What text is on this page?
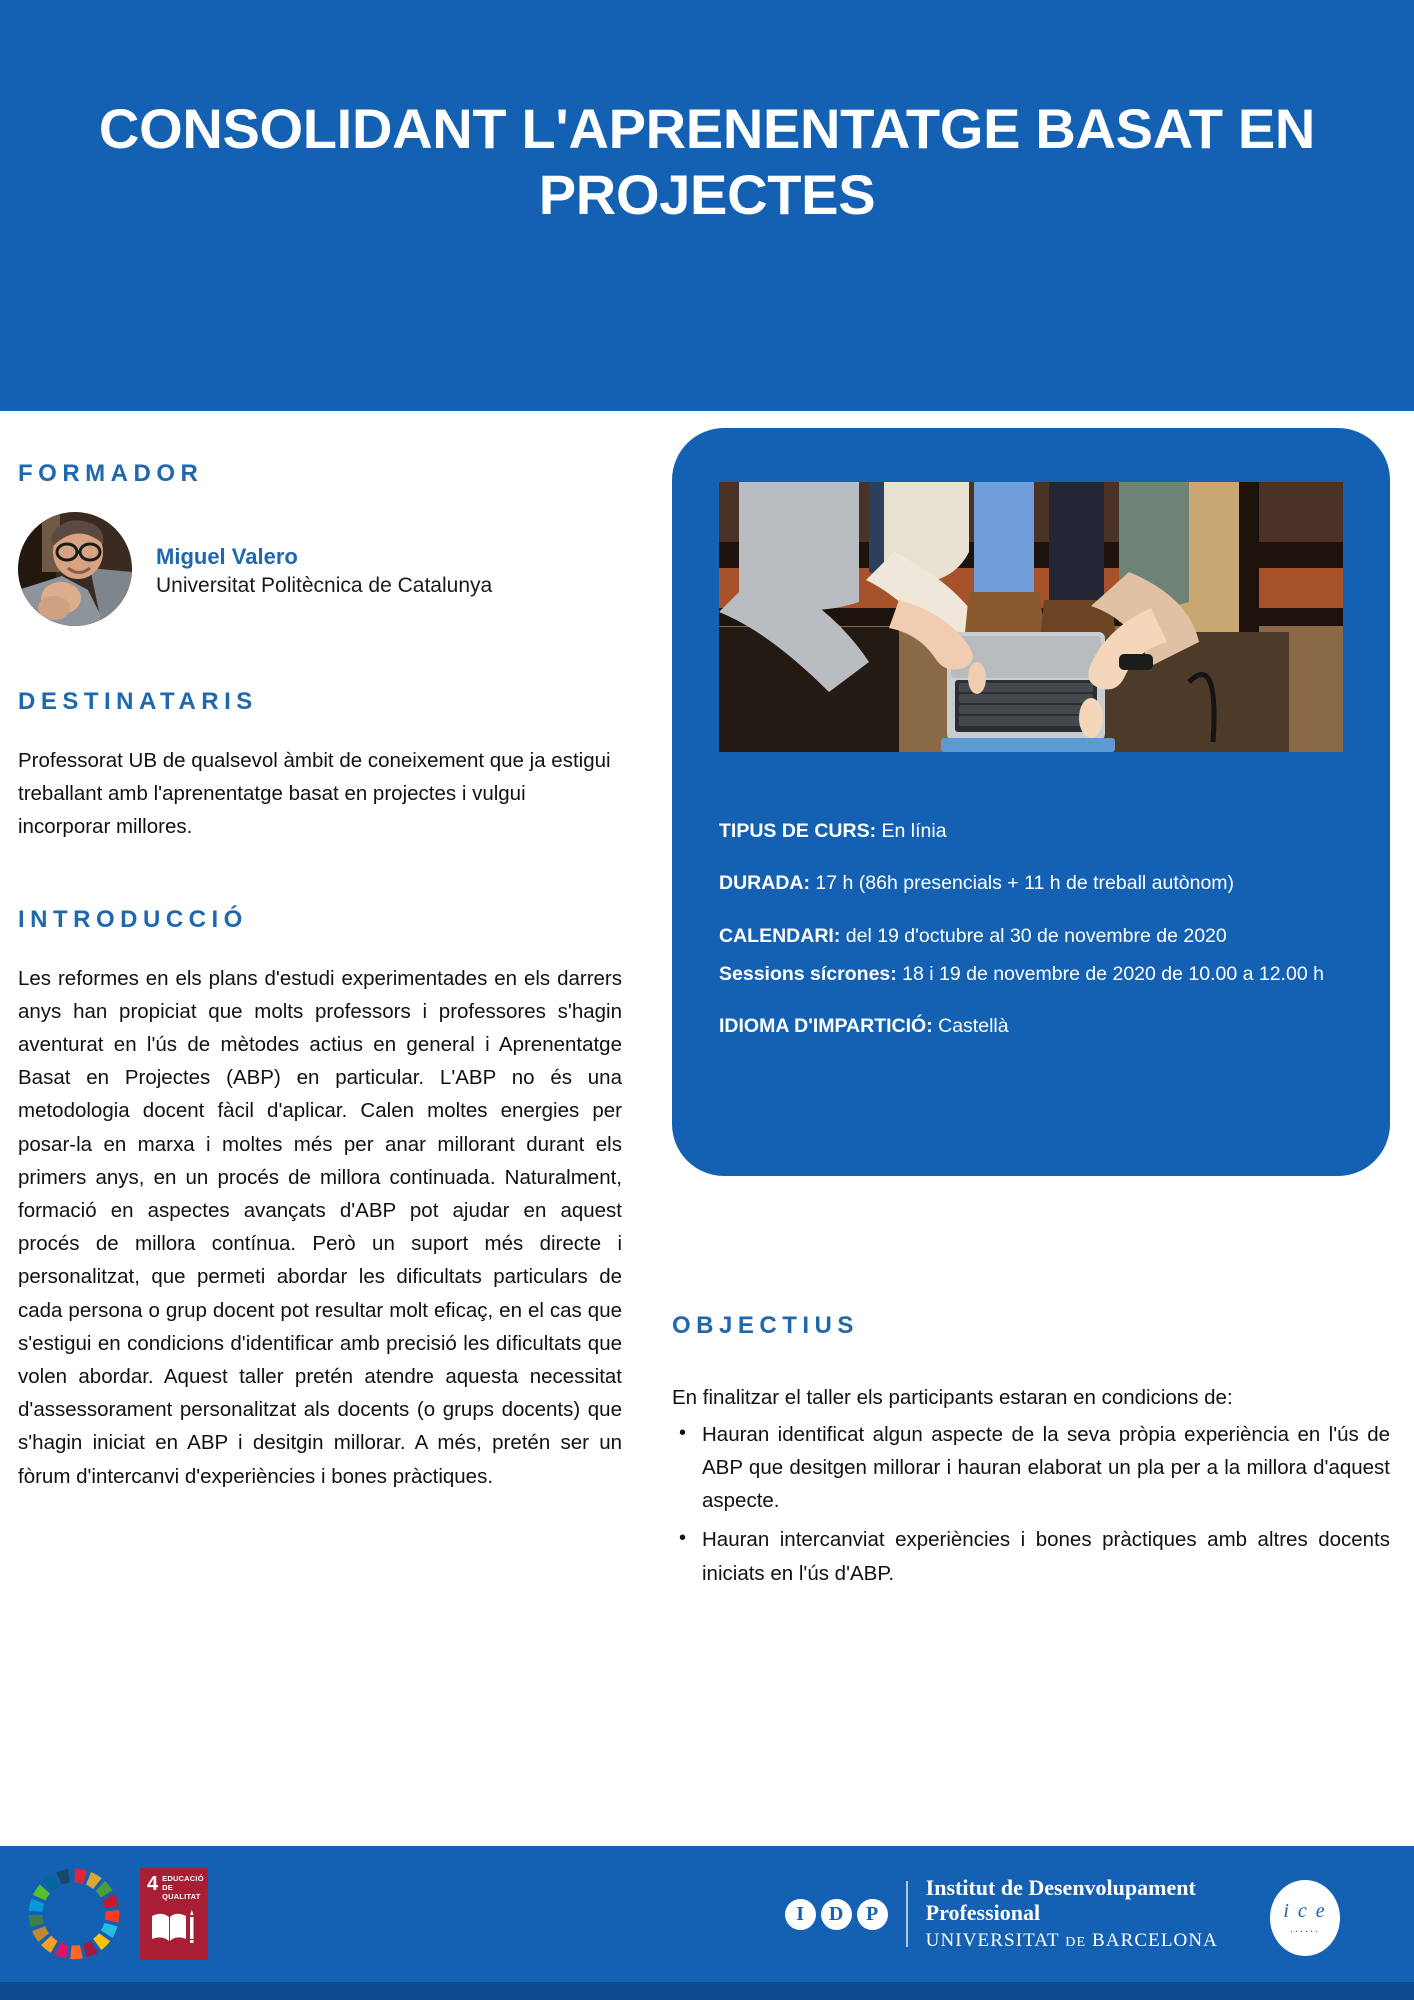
CONSOLIDANT L'APRENENTATGE BASAT EN PROJECTES
FORMADOR
Miguel Valero
Universitat Politècnica de Catalunya
DESTINATARIS
Professorat UB de qualsevol àmbit de coneixement que ja estigui treballant amb l'aprenentatge basat en projectes i vulgui incorporar millores.
INTRODUCCIÓ
Les reformes en els plans d'estudi experimentades en els darrers anys han propiciat que molts professors i professores s'hagin aventurat en l'ús de mètodes actius en general i Aprenentatge Basat en Projectes (ABP) en particular. L'ABP no és una metodologia docent fàcil d'aplicar. Calen moltes energies per posar-la en marxa i moltes més per anar millorant durant els primers anys, en un procés de millora continuada. Naturalment, formació en aspectes avançats d'ABP pot ajudar en aquest procés de millora contínua. Però un suport més directe i personalitzat, que permeti abordar les dificultats particulars de cada persona o grup docent pot resultar molt eficaç, en el cas que s'estigui en condicions d'identificar amb precisió les dificultats que volen abordar. Aquest taller pretén atendre aquesta necessitat d'assessorament personalitzat als docents (o grups docents) que s'hagin iniciat en ABP i desitgin millorar. A més, pretén ser un fòrum d'intercanvi d'experiències i bones pràctiques.
TIPUS DE CURS: En línia
DURADA: 17 h (86h presencials + 11 h de treball autònom)
CALENDARI: del 19 d'octubre al 30 de novembre de 2020
Sessions sícrones: 18 i 19 de novembre de 2020 de 10.00 a 12.00 h
IDIOMA D'IMPARTICIÓ: Castellà
OBJECTIUS
En finalitzar el taller els participants estaran en condicions de:
• Hauran identificat algun aspecte de la seva pròpia experiència en l'ús de ABP que desitgen millorar i hauran elaborat un pla per a la millora d'aquest aspecte.
• Hauran intercanviat experiències i bones pràctiques amb altres docents iniciats en l'ús d'ABP.
4 EDUCACIÓ
DE QUALITAT
I	D	P
Institut de Desenvolupament
Professional
UNIVERSITAT DE BARCELONA
i c e
......
